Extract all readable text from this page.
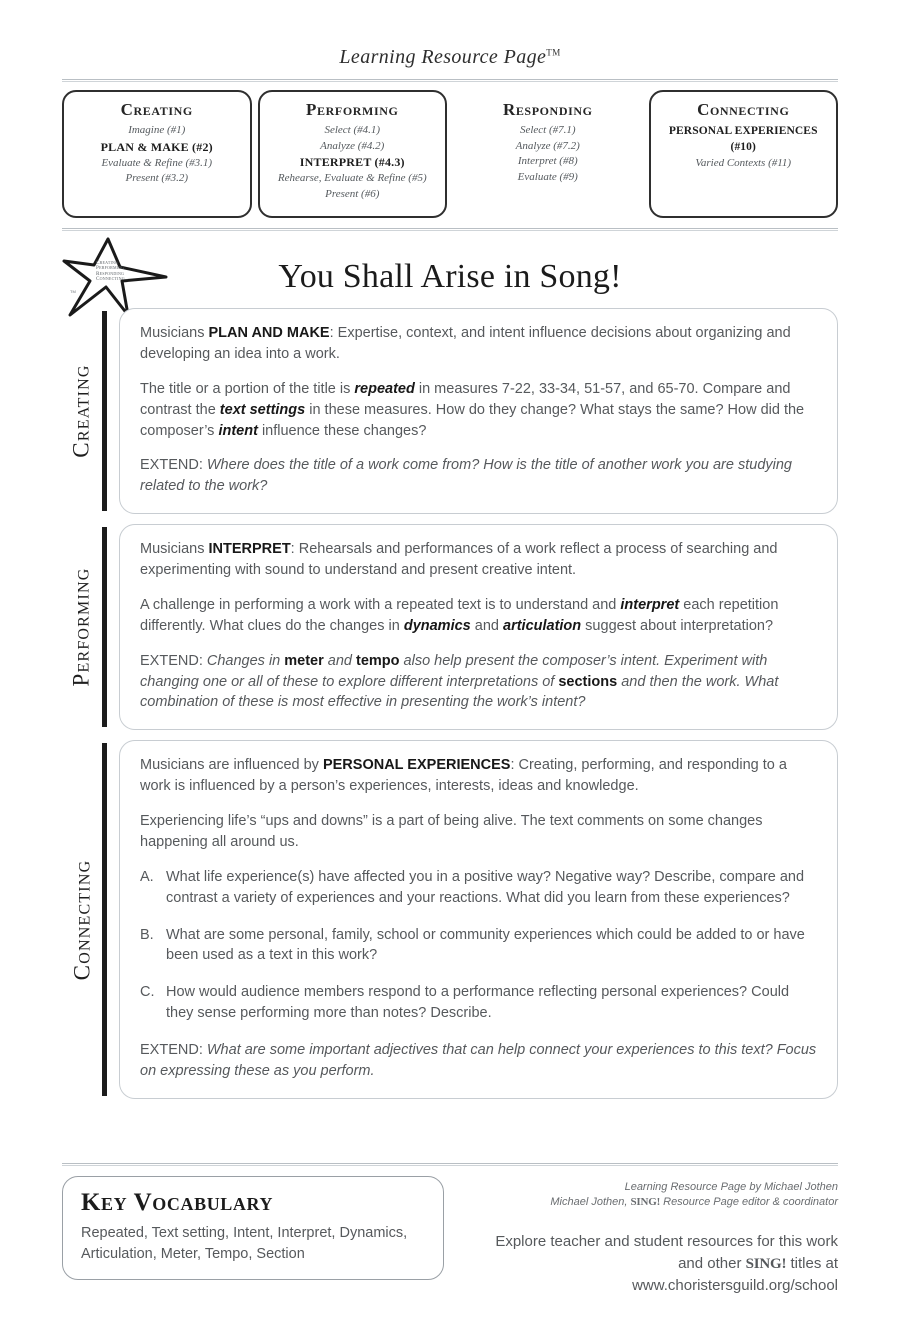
Learning Resource Page™
Creating
Imagine (#1)
PLAN & MAKE (#2)
Evaluate & Refine (#3.1)
Present (#3.2)
Performing
Select (#4.1)
Analyze (#4.2)
INTERPRET (#4.3)
Rehearse, Evaluate & Refine (#5)
Present (#6)
Responding
Select (#7.1)
Analyze (#7.2)
Interpret (#8)
Evaluate (#9)
Connecting
PERSONAL EXPERIENCES
(#10)
Varied Contexts (#11)
Creating
Performing
Responding
Connecting
TM	You Shall Arise in Song!
Creating

Musicians PLAN AND MAKE: Expertise, context, and intent influence decisions about organizing and developing an idea into a work.

The title or a portion of the title is repeated in measures 7-22, 33-34, 51-57, and 65-70. Compare and contrast the text settings in these measures. How do they change? What stays the same? How did the composer’s intent influence these changes?

EXTEND: Where does the title of a work come from? How is the title of another work you are studying related to the work?

Performing

Musicians INTERPRET: Rehearsals and performances of a work reflect a process of searching and experimenting with sound to understand and present creative intent.

A challenge in performing a work with a repeated text is to understand and interpret each repetition differently. What clues do the changes in dynamics and articulation suggest about interpretation?

EXTEND: Changes in meter and tempo also help present the composer’s intent. Experiment with changing one or all of these to explore different interpretations of sections and then the work. What combination of these is most effective in presenting the work’s intent?

Connecting

Musicians are influenced by PERSONAL EXPERIENCES: Creating, performing, and responding to a work is influenced by a person’s experiences, interests, ideas and knowledge.

Experiencing life’s “ups and downs” is a part of being alive. The text comments on some changes happening all around us.

A. What life experience(s) have affected you in a positive way? Negative way? Describe, compare and contrast a variety of experiences and your reactions. What did you learn from these experiences?
B. What are some personal, family, school or community experiences which could be added to or have been used as a text in this work?
C. How would audience members respond to a performance reflecting personal experiences? Could they sense performing more than notes? Describe.

EXTEND: What are some important adjectives that can help connect your experiences to this text? Focus on expressing these as you perform.

Key Vocabulary
Repeated, Text setting, Intent, Interpret, Dynamics, Articulation, Meter, Tempo, Section
Learning Resource Page by Michael Jothen
Michael Jothen, SING! Resource Page editor & coordinator
Explore teacher and student resources for this work and other SING! titles at
www.choristersguild.org/school
